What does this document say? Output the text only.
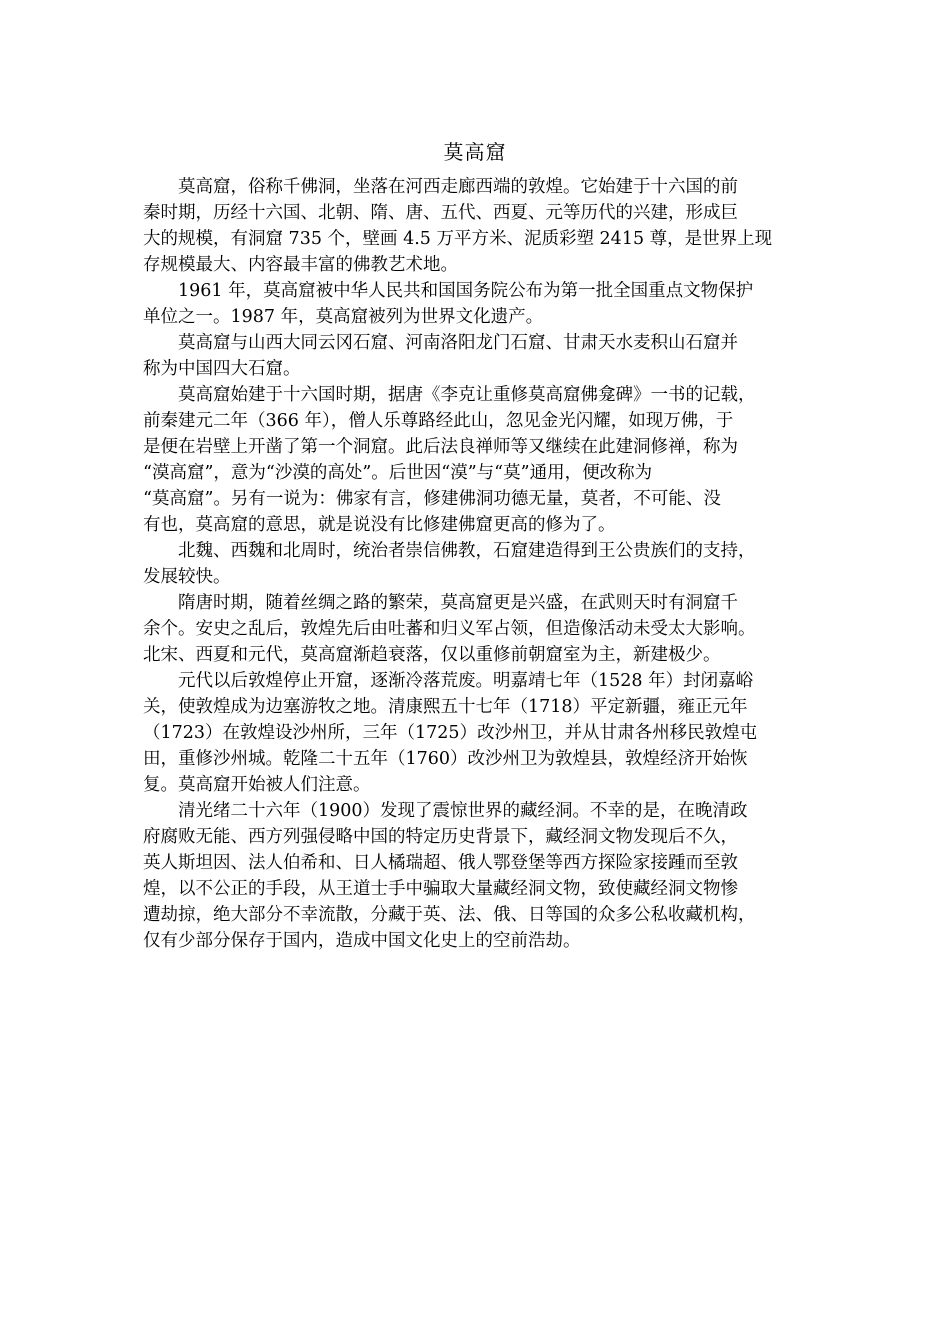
莫高窟

莫高窟，俗称千佛洞，坐落在河西走廊西端的敦煌。它始建于十六国的前
秦时期，历经十六国、北朝、隋、唐、五代、西夏、元等历代的兴建，形成巨
大的规模，有洞窟 735 个，壁画 4.5 万平方米、泥质彩塑 2415 尊，是世界上现
存规模最大、内容最丰富的佛教艺术地。

1961 年，莫高窟被中华人民共和国国务院公布为第一批全国重点文物保护
单位之一。1987 年，莫高窟被列为世界文化遗产。

莫高窟与山西大同云冈石窟、河南洛阳龙门石窟、甘肃天水麦积山石窟并
称为中国四大石窟。

莫高窟始建于十六国时期，据唐《李克让重修莫高窟佛龛碑》一书的记载，
前秦建元二年（366 年），僧人乐尊路经此山，忽见金光闪耀，如现万佛，于
是便在岩壁上开凿了第一个洞窟。此后法良禅师等又继续在此建洞修禅，称为
“漠高窟”，意为“沙漠的高处”。后世因“漠”与“莫”通用，便改称为
“莫高窟”。另有一说为：佛家有言，修建佛洞功德无量，莫者，不可能、没
有也，莫高窟的意思，就是说没有比修建佛窟更高的修为了。

北魏、西魏和北周时，统治者崇信佛教，石窟建造得到王公贵族们的支持，
发展较快。

隋唐时期，随着丝绸之路的繁荣，莫高窟更是兴盛，在武则天时有洞窟千
余个。安史之乱后，敦煌先后由吐蕃和归义军占领，但造像活动未受太大影响。
北宋、西夏和元代，莫高窟渐趋衰落，仅以重修前朝窟室为主，新建极少。

元代以后敦煌停止开窟，逐渐冷落荒废。明嘉靖七年（1528 年）封闭嘉峪
关，使敦煌成为边塞游牧之地。清康熙五十七年（1718）平定新疆，雍正元年
（1723）在敦煌设沙州所，三年（1725）改沙州卫，并从甘肃各州移民敦煌屯
田，重修沙州城。乾隆二十五年（1760）改沙州卫为敦煌县，敦煌经济开始恢
复。莫高窟开始被人们注意。

清光绪二十六年（1900）发现了震惊世界的藏经洞。不幸的是，在晚清政
府腐败无能、西方列强侵略中国的特定历史背景下，藏经洞文物发现后不久，
英人斯坦因、法人伯希和、日人橘瑞超、俄人鄂登堡等西方探险家接踵而至敦
煌，以不公正的手段，从王道士手中骗取大量藏经洞文物，致使藏经洞文物惨
遭劫掠，绝大部分不幸流散，分藏于英、法、俄、日等国的众多公私收藏机构，
仅有少部分保存于国内，造成中国文化史上的空前浩劫。
